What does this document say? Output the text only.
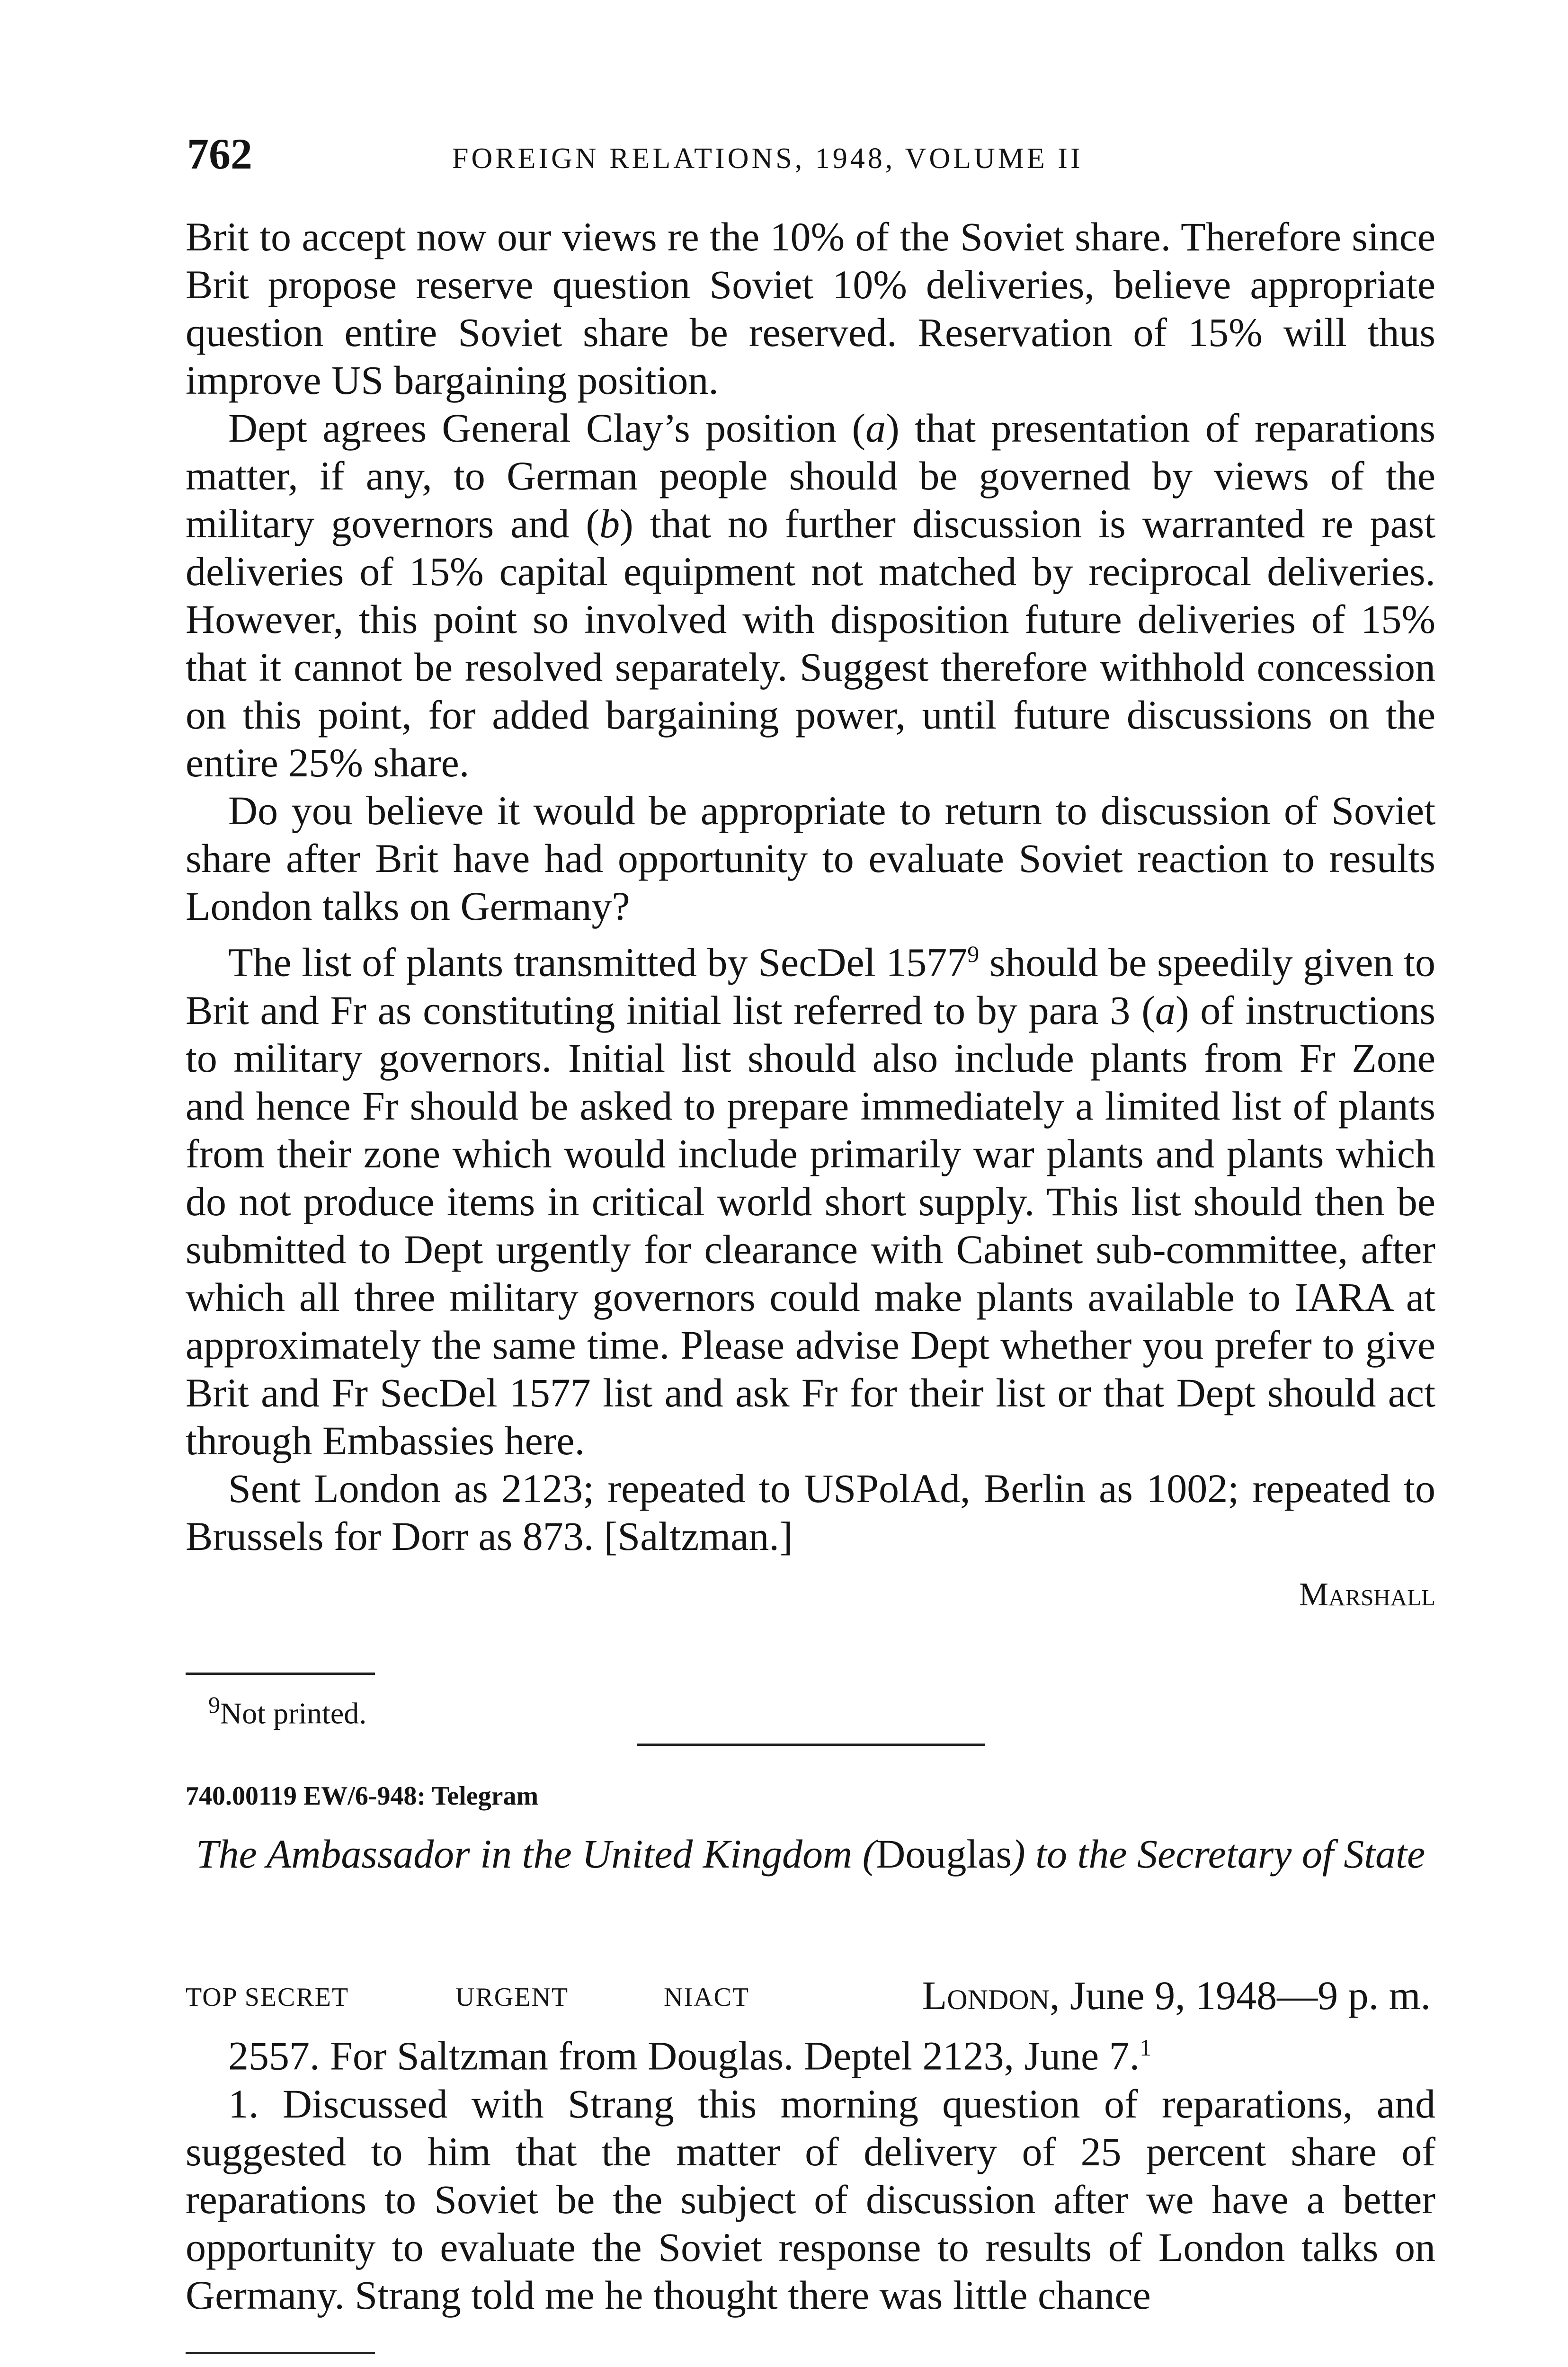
762	FOREIGN RELATIONS, 1948, VOLUME II

Brit to accept now our views re the 10% of the Soviet share. Therefore since Brit propose reserve question Soviet 10% deliveries, believe appropriate question entire Soviet share be reserved. Reservation of 15% will thus improve US bargaining position.

Dept agrees General Clay’s position (a) that presentation of reparations matter, if any, to German people should be governed by views of the military governors and (b) that no further discussion is warranted re past deliveries of 15% capital equipment not matched by reciprocal deliveries. However, this point so involved with disposition future deliveries of 15% that it cannot be resolved separately. Suggest therefore withhold concession on this point, for added bargaining power, until future discussions on the entire 25% share.

Do you believe it would be appropriate to return to discussion of Soviet share after Brit have had opportunity to evaluate Soviet reaction to results London talks on Germany?

The list of plants transmitted by SecDel 1577$^9$ should be speedily given to Brit and Fr as constituting initial list referred to by para 3 (a) of instructions to military governors. Initial list should also include plants from Fr Zone and hence Fr should be asked to prepare immediately a limited list of plants from their zone which would include primarily war plants and plants which do not produce items in critical world short supply. This list should then be submitted to Dept urgently for clearance with Cabinet sub-committee, after which all three military governors could make plants available to IARA at approximately the same time. Please advise Dept whether you prefer to give Brit and Fr SecDel 1577 list and ask Fr for their list or that Dept should act through Embassies here.

Sent London as 2123; repeated to USPolAd, Berlin as 1002; repeated to Brussels for Dorr as 873. [Saltzman.]

Marshall
$^9$Not printed.
740.00119 EW/6-948: Telegram
The Ambassador in the United Kingdom (Douglas) to the Secretary of State
TOP SECRET	URGENT	NIACT	London, June 9, 1948—9 p. m.

2557. For Saltzman from Douglas. Deptel 2123, June 7.$^1$

1. Discussed with Strang this morning question of reparations, and suggested to him that the matter of delivery of 25 percent share of reparations to Soviet be the subject of discussion after we have a better opportunity to evaluate the Soviet response to results of London talks on Germany. Strang told me he thought there was little chance
